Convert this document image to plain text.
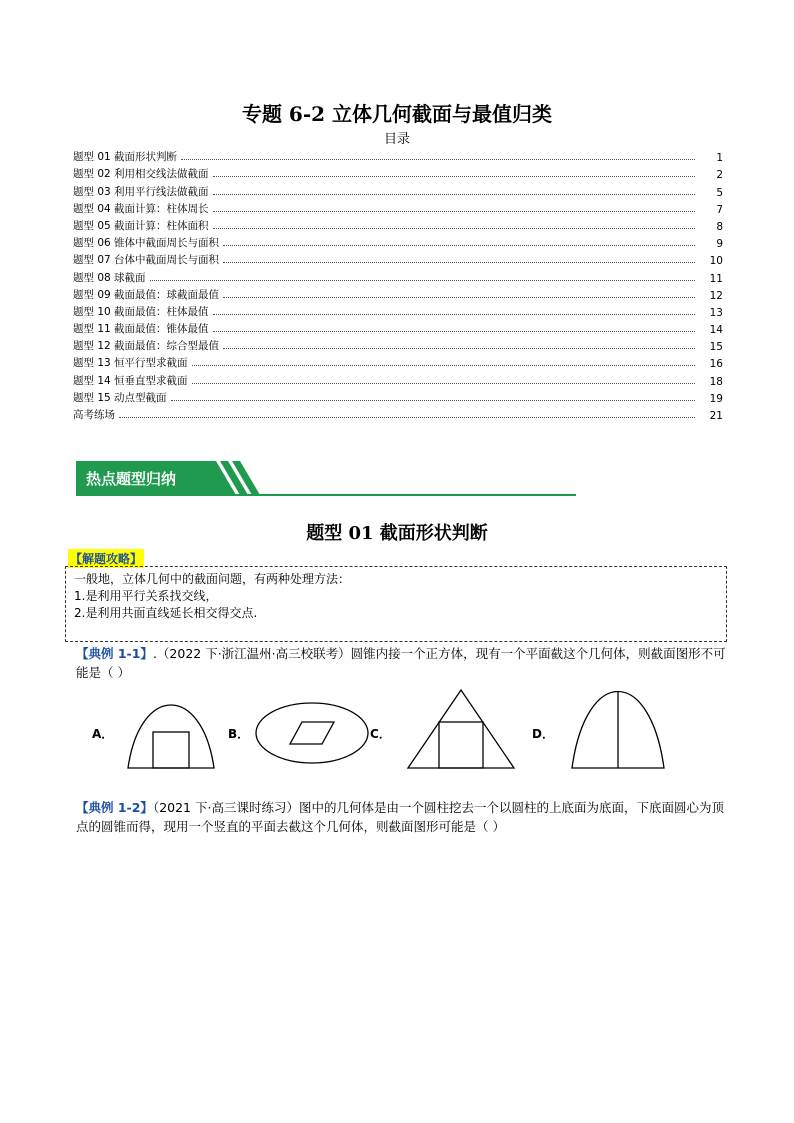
专题 6-2 立体几何截面与最值归类
目录
题型 01 截面形状判断	1
题型 02 利用相交线法做截面	2
题型 03 利用平行线法做截面	5
题型 04 截面计算：柱体周长	7
题型 05 截面计算：柱体面积	8
题型 06 锥体中截面周长与面积	9
题型 07 台体中截面周长与面积	10
题型 08 球截面	11
题型 09 截面最值：球截面最值	12
题型 10 截面最值：柱体最值	13
题型 11 截面最值：锥体最值	14
题型 12 截面最值：综合型最值	15
题型 13 恒平行型求截面	16
题型 14 恒垂直型求截面	18
题型 15 动点型截面	19
高考练场	21
热点题型归纳
题型 01 截面形状判断
【解题攻略】
一般地，立体几何中的截面问题，有两种处理方法：
1.是利用平行关系找交线，
2.是利用共面直线延长相交得交点.
【典例 1-1】.（2022 下·浙江温州·高三校联考）圆锥内接一个正方体，现有一个平面截这个几何体，则截面图形不可能是（ ）
A．	B．	C．	D．
【典例 1-2】（2021 下·高三课时练习）图中的几何体是由一个圆柱挖去一个以圆柱的上底面为底面，下底面圆心为顶点的圆锥而得，现用一个竖直的平面去截这个几何体，则截面图形可能是（ ）
